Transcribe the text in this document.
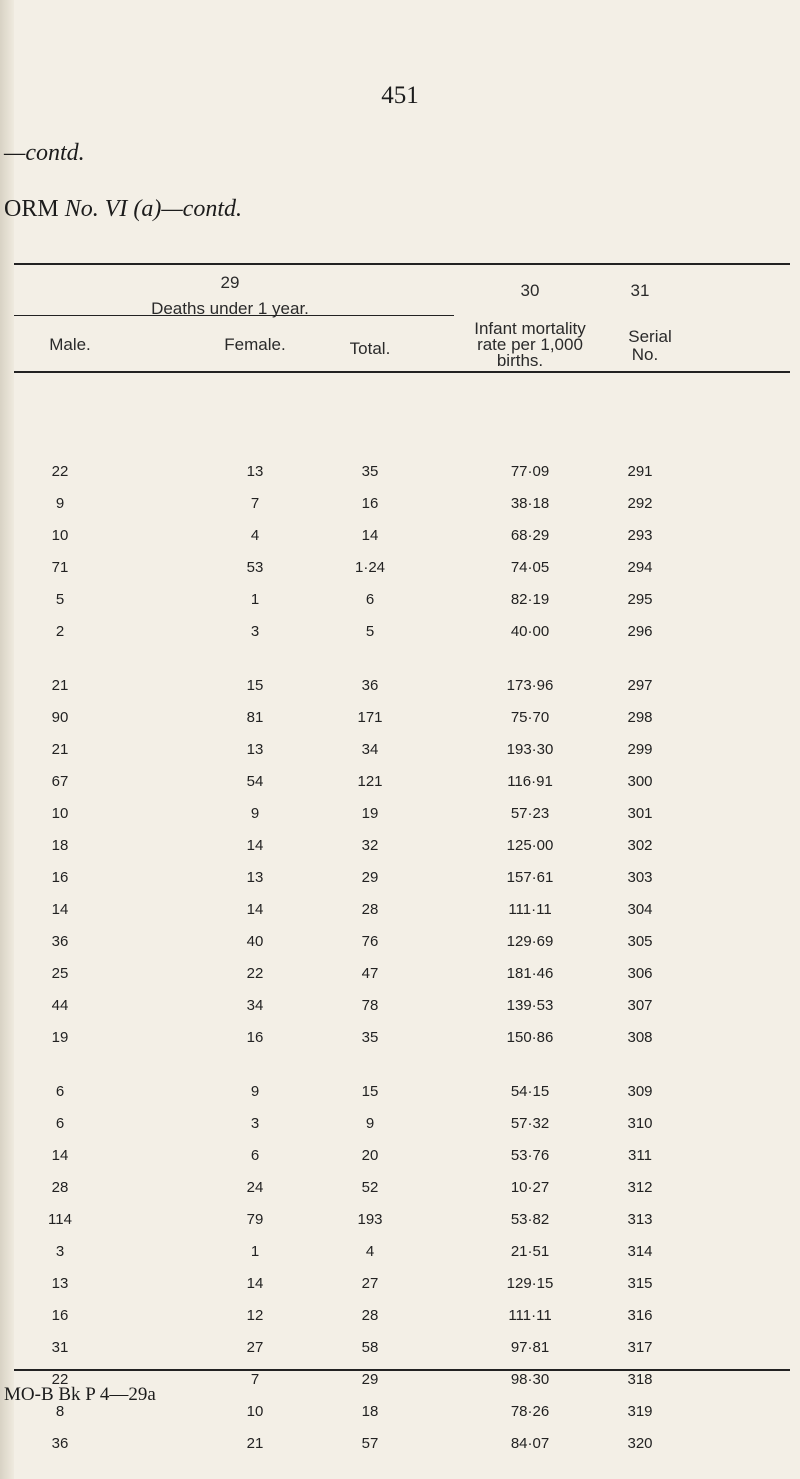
451
—contd.
ORM No. VI (a)—contd.
29
Deaths under 1 year.
30	31
Male.	Female.	Total.
Infant mortality
rate per 1,000
births.
Serial
No.
22	13	35	77·09	291
9	7	16	38·18	292
10	4	14	68·29	293
71	53	1·24	74·05	294
5	1	6	82·19	295
2	3	5	40·00	296
21	15	36	173·96	297
90	81	171	75·70	298
21	13	34	193·30	299
67	54	121	116·91	300
10	9	19	57·23	301
18	14	32	125·00	302
16	13	29	157·61	303
14	14	28	111·11	304
36	40	76	129·69	305
25	22	47	181·46	306
44	34	78	139·53	307
19	16	35	150·86	308
6	9	15	54·15	309
6	3	9	57·32	310
14	6	20	53·76	311
28	24	52	10·27	312
114	79	193	53·82	313
3	1	4	21·51	314
13	14	27	129·15	315
16	12	28	111·11	316
31	27	58	97·81	317
22	7	29	98·30	318
8	10	18	78·26	319
36	21	57	84·07	320
MO-B Bk P 4—29a
